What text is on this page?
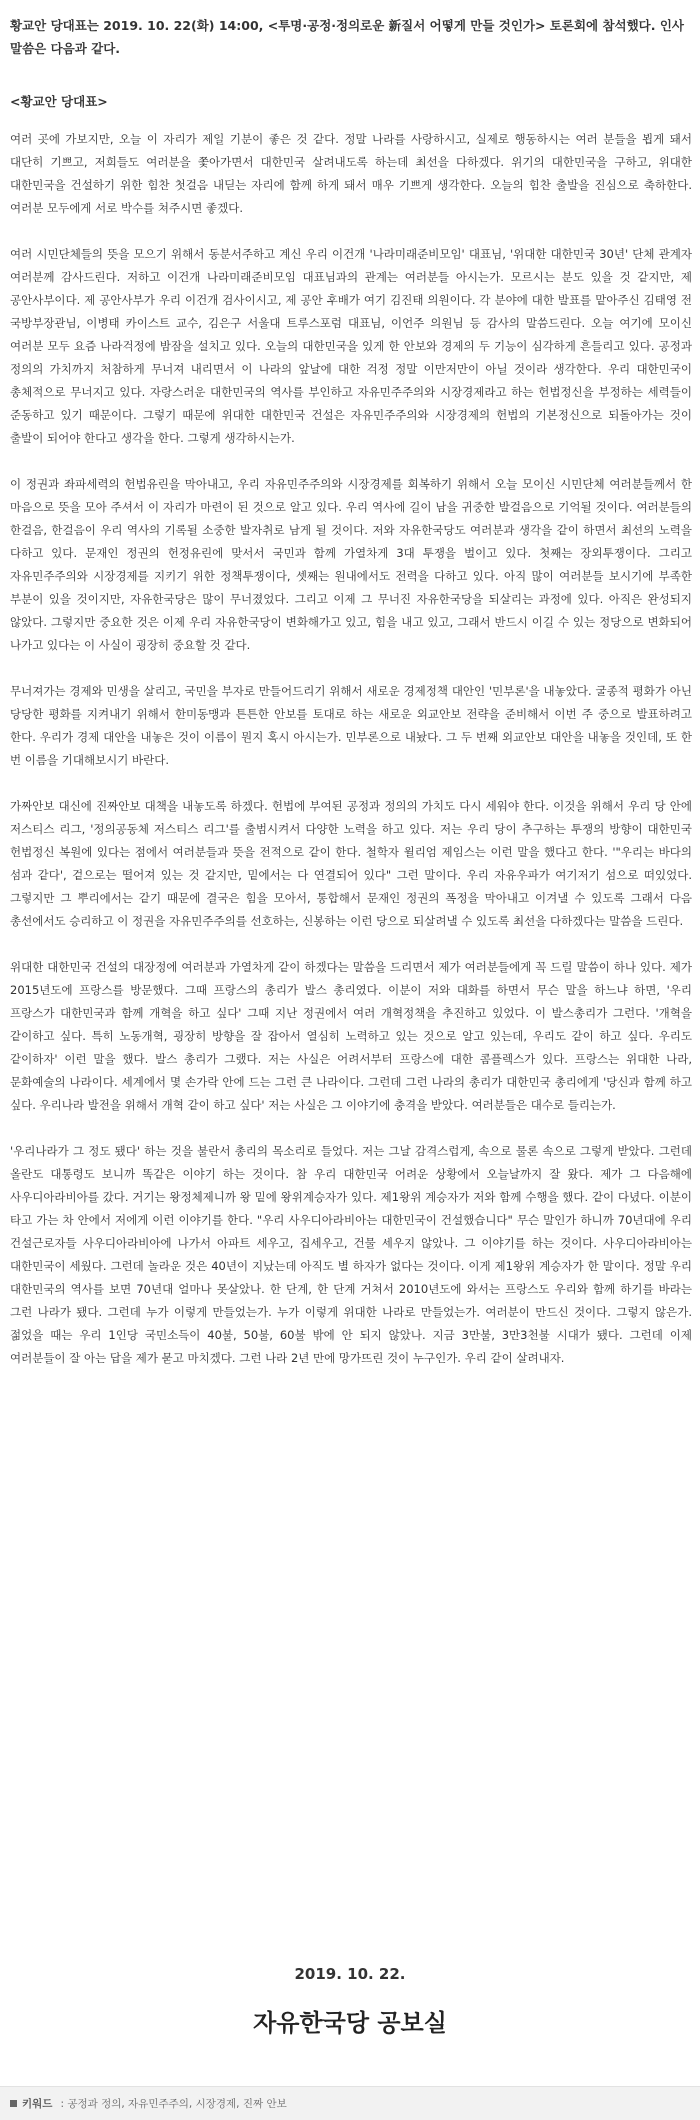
황교안 당대표는 2019. 10. 22(화) 14:00, <투명·공정·정의로운 新질서 어떻게 만들 것인가> 토론회에 참석했다. 인사말씀은 다음과 같다.
<황교안 당대표>

여러 곳에 가보지만, 오늘 이 자리가 제일 기분이 좋은 것 같다. 정말 나라를 사랑하시고, 실제로 행동하시는 여러 분들을 뵙게 돼서 대단히 기쁘고, 저희들도 여러분을 쫓아가면서 대한민국 살려내도록 하는데 최선을 다하겠다. 위기의 대한민국을 구하고, 위대한 대한민국을 건설하기 위한 힘찬 첫걸음 내딛는 자리에 함께 하게 돼서 매우 기쁘게 생각한다. 오늘의 힘찬 출발을 진심으로 축하한다. 여러분 모두에게 서로 박수를 쳐주시면 좋겠다.

여러 시민단체들의 뜻을 모으기 위해서 동분서주하고 계신 우리 이건개 '나라미래준비모임' 대표님, '위대한 대한민국 30년' 단체 관계자 여러분께 감사드린다. 저하고 이건개 나라미래준비모임 대표님과의 관계는 여러분들 아시는가. 모르시는 분도 있을 것 같지만, 제 공안사부이다. 제 공안사부가 우리 이건개 검사이시고, 제 공안 후배가 여기 김진태 의원이다. 각 분야에 대한 발표를 맡아주신 김태영 전 국방부장관님, 이병태 카이스트 교수, 김은구 서울대 트루스포럼 대표님, 이언주 의원님 등 감사의 말씀드린다. 오늘 여기에 모이신 여러분 모두 요즘 나라걱정에 밤잠을 설치고 있다. 오늘의 대한민국을 있게 한 안보와 경제의 두 기능이 심각하게 흔들리고 있다. 공정과 정의의 가치까지 처참하게 무너져 내리면서 이 나라의 앞날에 대한 걱정 정말 이만저만이 아닐 것이라 생각한다. 우리 대한민국이 총체적으로 무너지고 있다. 자랑스러운 대한민국의 역사를 부인하고 자유민주주의와 시장경제라고 하는 헌법정신을 부정하는 세력들이 준동하고 있기 때문이다. 그렇기 때문에 위대한 대한민국 건설은 자유민주주의와 시장경제의 헌법의 기본정신으로 되돌아가는 것이 출발이 되어야 한다고 생각을 한다. 그렇게 생각하시는가.

이 정권과 좌파세력의 헌법유린을 막아내고, 우리 자유민주주의와 시장경제를 회복하기 위해서 오늘 모이신 시민단체 여러분들께서 한 마음으로 뜻을 모아 주셔서 이 자리가 마련이 된 것으로 알고 있다. 우리 역사에 길이 남을 귀중한 발걸음으로 기억될 것이다. 여러분들의 한걸음, 한걸음이 우리 역사의 기록될 소중한 발자취로 남게 될 것이다. 저와 자유한국당도 여러분과 생각을 같이 하면서 최선의 노력을 다하고 있다. 문재인 정권의 헌정유린에 맞서서 국민과 함께 가열차게 3대 투쟁을 벌이고 있다. 첫째는 장외투쟁이다. 그리고 자유민주주의와 시장경제를 지키기 위한 정책투쟁이다, 셋째는 원내에서도 전력을 다하고 있다. 아직 많이 여러분들 보시기에 부족한 부분이 있을 것이지만, 자유한국당은 많이 무너졌었다. 그리고 이제 그 무너진 자유한국당을 되살리는 과정에 있다. 아직은 완성되지 않았다. 그렇지만 중요한 것은 이제 우리 자유한국당이 변화해가고 있고, 힘을 내고 있고, 그래서 반드시 이길 수 있는 정당으로 변화되어 나가고 있다는 이 사실이 굉장히 중요할 것 같다.

무너져가는 경제와 민생을 살리고, 국민을 부자로 만들어드리기 위해서 새로운 경제정책 대안인 '민부론'을 내놓았다. 굴종적 평화가 아닌 당당한 평화를 지켜내기 위해서 한미동맹과 튼튼한 안보를 토대로 하는 새로운 외교안보 전략을 준비해서 이번 주 중으로 발표하려고 한다. 우리가 경제 대안을 내놓은 것이 이름이 뭔지 혹시 아시는가. 민부론으로 내놨다. 그 두 번째 외교안보 대안을 내놓을 것인데, 또 한 번 이름을 기대해보시기 바란다.

가짜안보 대신에 진짜안보 대책을 내놓도록 하겠다. 헌법에 부여된 공정과 정의의 가치도 다시 세워야 한다. 이것을 위해서 우리 당 안에 저스티스 리그, '정의공동체 저스티스 리그'를 출범시켜서 다양한 노력을 하고 있다. 저는 우리 당이 추구하는 투쟁의 방향이 대한민국 헌법정신 복원에 있다는 점에서 여러분들과 뜻을 전적으로 같이 한다. 철학자 윌리엄 제임스는 이런 말을 했다고 한다. '"우리는 바다의 섬과 같다', 겉으로는 떨어져 있는 것 같지만, 밑에서는 다 연결되어 있다" 그런 말이다. 우리 자유우파가 여기저기 섬으로 떠있었다. 그렇지만 그 뿌리에서는 같기 때문에 결국은 힘을 모아서, 통합해서 문재인 정권의 폭정을 막아내고 이겨낼 수 있도록 그래서 다음 총선에서도 승리하고 이 정권을 자유민주주의를 선호하는, 신봉하는 이런 당으로 되살려낼 수 있도록 최선을 다하겠다는 말씀을 드린다.

위대한 대한민국 건설의 대장정에 여러분과 가열차게 같이 하겠다는 말씀을 드리면서 제가 여러분들에게 꼭 드릴 말씀이 하나 있다. 제가 2015년도에 프랑스를 방문했다. 그때 프랑스의 총리가 발스 총리였다. 이분이 저와 대화를 하면서 무슨 말을 하느냐 하면, '우리 프랑스가 대한민국과 함께 개혁을 하고 싶다' 그때 지난 정권에서 여러 개혁정책을 추진하고 있었다. 이 발스총리가 그런다. '개혁을 같이하고 싶다. 특히 노동개혁, 굉장히 방향을 잘 잡아서 열심히 노력하고 있는 것으로 알고 있는데, 우리도 같이 하고 싶다. 우리도 같이하자' 이런 말을 했다. 발스 총리가 그랬다. 저는 사실은 어려서부터 프랑스에 대한 콤플렉스가 있다. 프랑스는 위대한 나라, 문화예술의 나라이다. 세계에서 몇 손가락 안에 드는 그런 큰 나라이다. 그런데 그런 나라의 총리가 대한민국 총리에게 '당신과 함께 하고 싶다. 우리나라 발전을 위해서 개혁 같이 하고 싶다' 저는 사실은 그 이야기에 충격을 받았다. 여러분들은 대수로 들리는가.

'우리나라가 그 정도 됐다' 하는 것을 불란서 총리의 목소리로 들었다. 저는 그날 감격스럽게, 속으로 물론 속으로 그렇게 받았다. 그런데 올란도 대통령도 보니까 똑같은 이야기 하는 것이다. 참 우리 대한민국 어려운 상황에서 오늘날까지 잘 왔다. 제가 그 다음해에 사우디아라비아를 갔다. 거기는 왕정체제니까 왕 밑에 왕위계승자가 있다. 제1왕위 계승자가 저와 함께 수행을 했다. 같이 다녔다. 이분이 타고 가는 차 안에서 저에게 이런 이야기를 한다. "우리 사우디아라비아는 대한민국이 건설했습니다" 무슨 말인가 하니까 70년대에 우리 건설근로자들 사우디아라비아에 나가서 아파트 세우고, 집세우고, 건물 세우지 않았나. 그 이야기를 하는 것이다. 사우디아라비아는 대한민국이 세웠다. 그런데 놀라운 것은 40년이 지났는데 아직도 별 하자가 없다는 것이다. 이게 제1왕위 계승자가 한 말이다. 정말 우리 대한민국의 역사를 보면 70년대 얼마나 못살았나. 한 단계, 한 단계 거쳐서 2010년도에 와서는 프랑스도 우리와 함께 하기를 바라는 그런 나라가 됐다. 그런데 누가 이렇게 만들었는가. 누가 이렇게 위대한 나라로 만들었는가. 여러분이 만드신 것이다. 그렇지 않은가. 젊었을 때는 우리 1인당 국민소득이 40불, 50불, 60불 밖에 안 되지 않았나. 지금 3만불, 3만3천불 시대가 됐다. 그런데 이제 여러분들이 잘 아는 답을 제가 묻고 마치겠다. 그런 나라 2년 만에 망가뜨린 것이 누구인가. 우리 같이 살려내자.

2019. 10. 22.
자유한국당 공보실
키워드 : 공정과 정의, 자유민주주의, 시장경제, 진짜 안보
